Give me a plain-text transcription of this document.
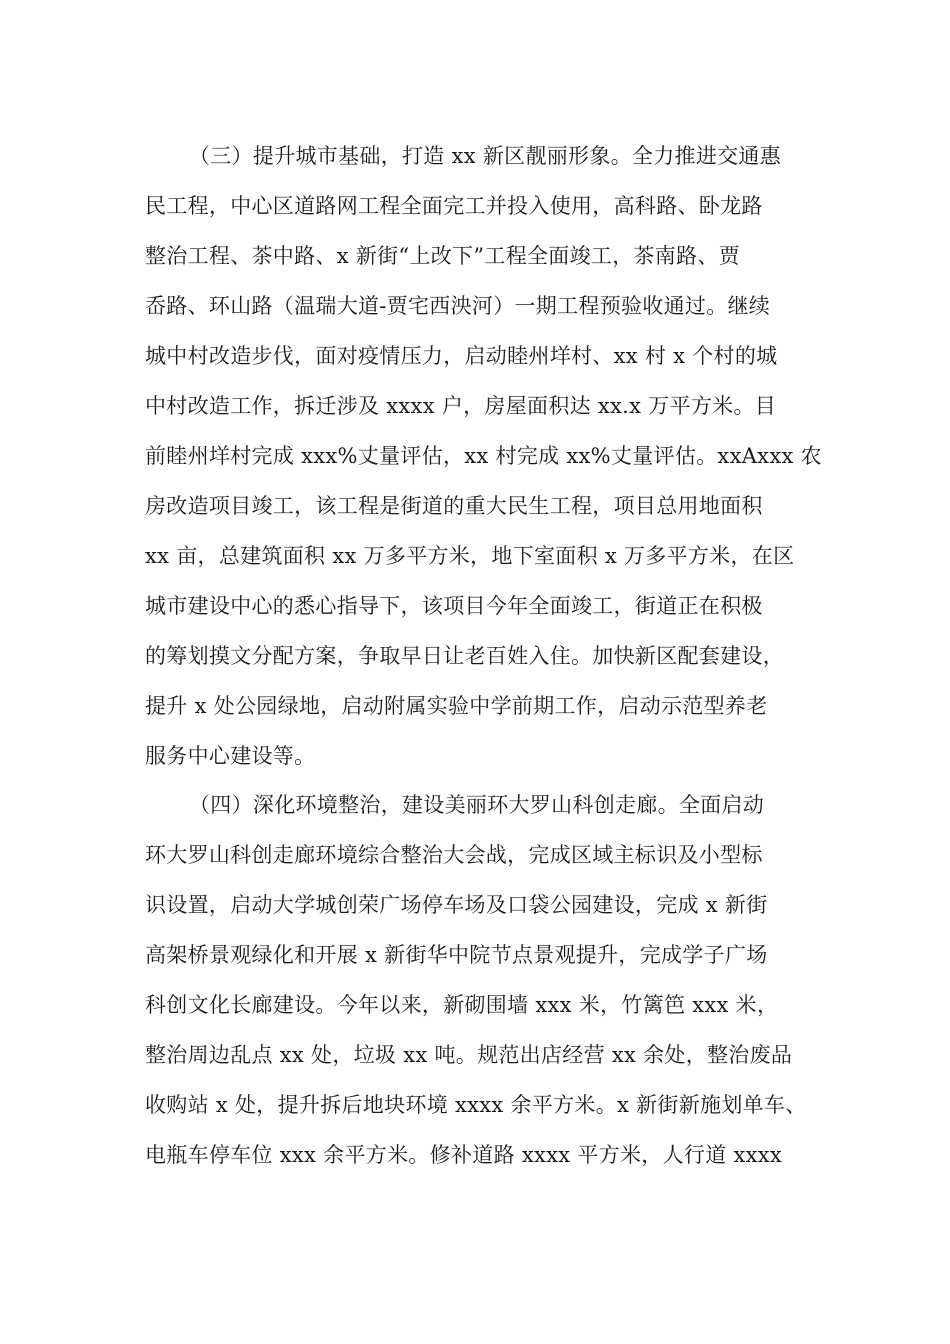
（三）提升城市基础，打造 xx 新区靓丽形象。全力推进交通惠
民工程，中心区道路网工程全面完工并投入使用，高科路、卧龙路
整治工程、茶中路、x 新街“上改下”工程全面竣工，茶南路、贾
岙路、环山路（温瑞大道-贾宅西泱河）一期工程预验收通过。继续
城中村改造步伐，面对疫情压力，启动睦州垟村、xx 村 x 个村的城
中村改造工作，拆迁涉及 xxxx 户，房屋面积达 xx.x 万平方米。目
前睦州垟村完成 xxx%丈量评估，xx 村完成 xx%丈量评估。xxAxxx 农
房改造项目竣工，该工程是街道的重大民生工程，项目总用地面积
xx 亩，总建筑面积 xx 万多平方米，地下室面积 x 万多平方米，在区
城市建设中心的悉心指导下，该项目今年全面竣工，街道正在积极
的筹划摸文分配方案，争取早日让老百姓入住。加快新区配套建设，
提升 x 处公园绿地，启动附属实验中学前期工作，启动示范型养老
服务中心建设等。
（四）深化环境整治，建设美丽环大罗山科创走廊。全面启动
环大罗山科创走廊环境综合整治大会战，完成区域主标识及小型标
识设置，启动大学城创荣广场停车场及口袋公园建设，完成 x 新街
高架桥景观绿化和开展 x 新街华中院节点景观提升，完成学子广场
科创文化长廊建设。今年以来，新砌围墙 xxx 米，竹篱笆 xxx 米，
整治周边乱点 xx 处，垃圾 xx 吨。规范出店经营 xx 余处，整治废品
收购站 x 处，提升拆后地块环境 xxxx 余平方米。x 新街新施划单车、
电瓶车停车位 xxx 余平方米。修补道路 xxxx 平方米，人行道 xxxx
